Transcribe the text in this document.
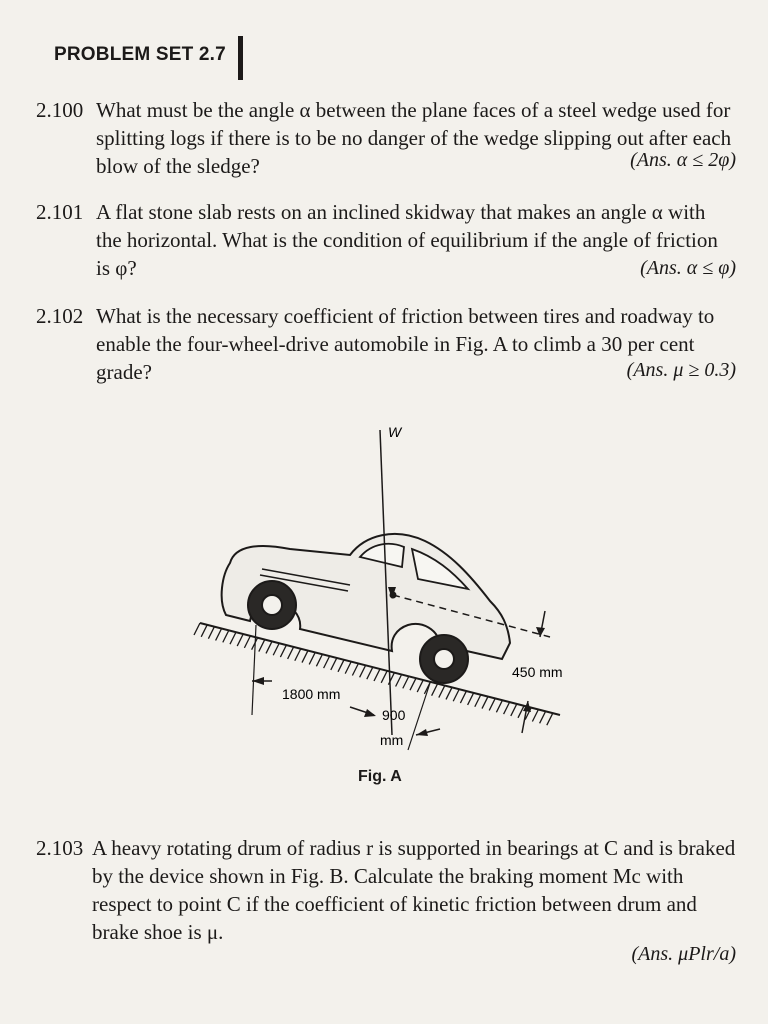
PROBLEM SET 2.7
2.100 What must be the angle α between the plane faces of a steel wedge used for splitting logs if there is to be no danger of the wedge slipping out after each blow of the sledge?	(Ans. α ≤ 2φ)
2.101 A flat stone slab rests on an inclined skidway that makes an angle α with the horizontal. What is the condition of equilibrium if the angle of friction is φ?	(Ans. α ≤ φ)
2.102 What is the necessary coefficient of friction between tires and roadway to enable the four-wheel-drive automobile in Fig. A to climb a 30 per cent grade?	(Ans. μ ≥ 0.3)
W
450 mm
1800 mm
900
mm
Fig. A
2.103 A heavy rotating drum of radius r is supported in bearings at C and is braked by the device shown in Fig. B. Calculate the braking moment Mc with respect to point C if the coefficient of kinetic friction between drum and brake shoe is μ.
(Ans. μPlr/a)
